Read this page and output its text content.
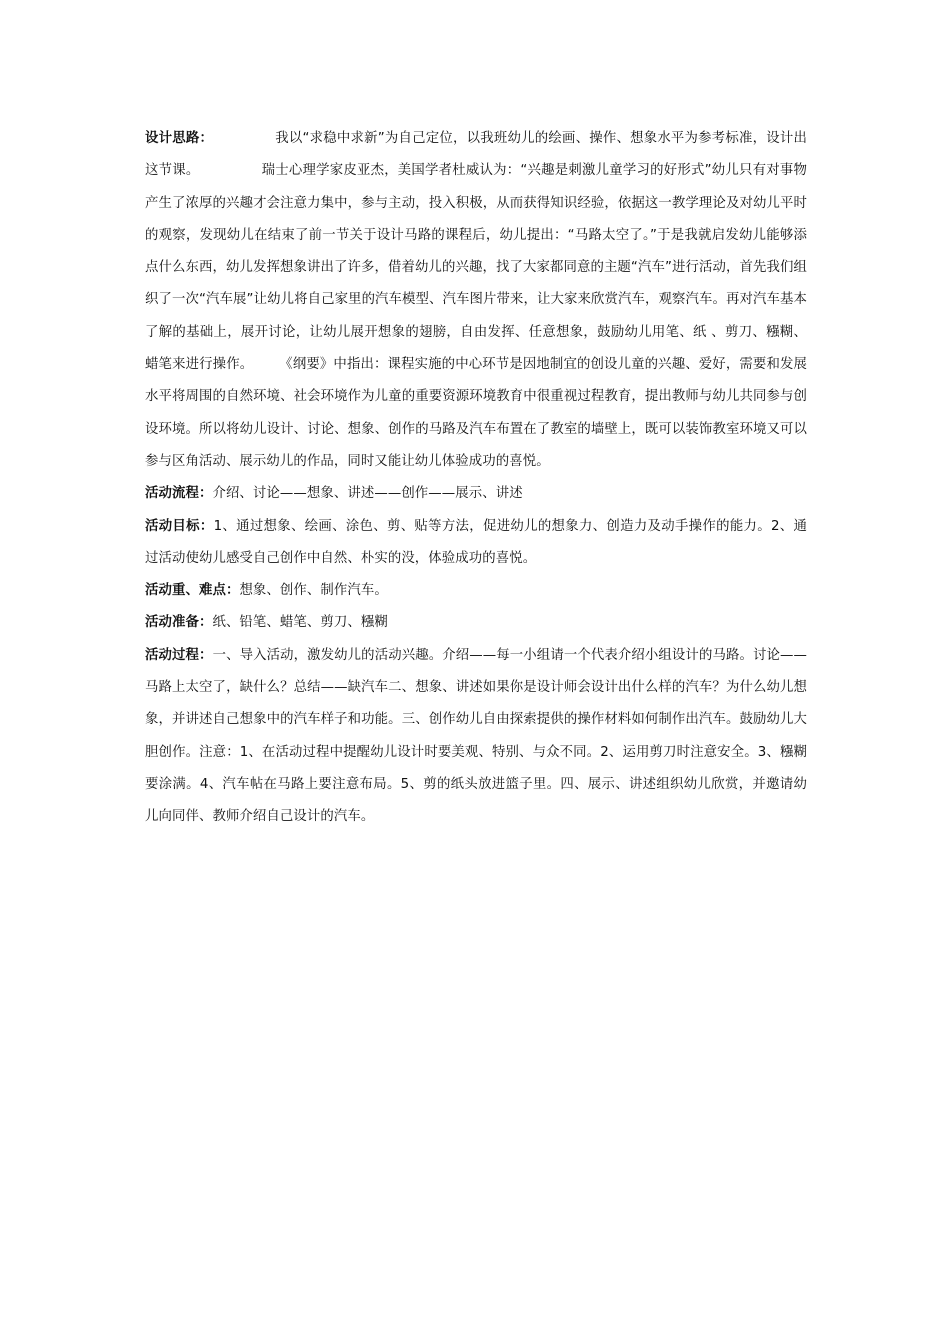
设计思路：	我以“求稳中求新”为自己定位，以我班幼儿的绘画、操作、想象水平为参考标准，设计出这节课。	瑞士心理学家皮亚杰，美国学者杜威认为：“兴趣是刺激儿童学习的好形式”幼儿只有对事物产生了浓厚的兴趣才会注意力集中，参与主动，投入积极，从而获得知识经验，依据这一教学理论及对幼儿平时的观察，发现幼儿在结束了前一节关于设计马路的课程后，幼儿提出：“马路太空了。”于是我就启发幼儿能够添点什么东西，幼儿发挥想象讲出了许多，借着幼儿的兴趣，找了大家都同意的主题“汽车”进行活动，首先我们组织了一次“汽车展”让幼儿将自己家里的汽车模型、汽车图片带来，让大家来欣赏汽车，观察汽车。再对汽车基本了解的基础上，展开讨论，让幼儿展开想象的翅膀，自由发挥、任意想象，鼓励幼儿用笔、纸 、剪刀、糨糊、蜡笔来进行操作。 《纲要》中指出：课程实施的中心环节是因地制宜的创设儿童的兴趣、爱好，需要和发展水平将周围的自然环境、社会环境作为儿童的重要资源环境教育中很重视过程教育，提出教师与幼儿共同参与创设环境。所以将幼儿设计、讨论、想象、创作的马路及汽车布置在了教室的墙壁上，既可以装饰教室环境又可以参与区角活动、展示幼儿的作品，同时又能让幼儿体验成功的喜悦。

活动流程：介绍、讨论——想象、讲述——创作——展示、讲述

活动目标：1、通过想象、绘画、涂色、剪、贴等方法，促进幼儿的想象力、创造力及动手操作的能力。2、通过活动使幼儿感受自己创作中自然、朴实的没，体验成功的喜悦。

活动重、难点：想象、创作、制作汽车。

活动准备：纸、铅笔、蜡笔、剪刀、糨糊

活动过程：一、导入活动，激发幼儿的活动兴趣。介绍——每一小组请一个代表介绍小组设计的马路。讨论——马路上太空了，缺什么？总结——缺汽车二、想象、讲述如果你是设计师会设计出什么样的汽车？为什么幼儿想象，并讲述自己想象中的汽车样子和功能。三、创作幼儿自由探索提供的操作材料如何制作出汽车。鼓励幼儿大胆创作。注意：1、在活动过程中提醒幼儿设计时要美观、特别、与众不同。2、运用剪刀时注意安全。3、糨糊要涂满。4、汽车帖在马路上要注意布局。5、剪的纸头放进篮子里。四、展示、讲述组织幼儿欣赏，并邀请幼儿向同伴、教师介绍自己设计的汽车。
